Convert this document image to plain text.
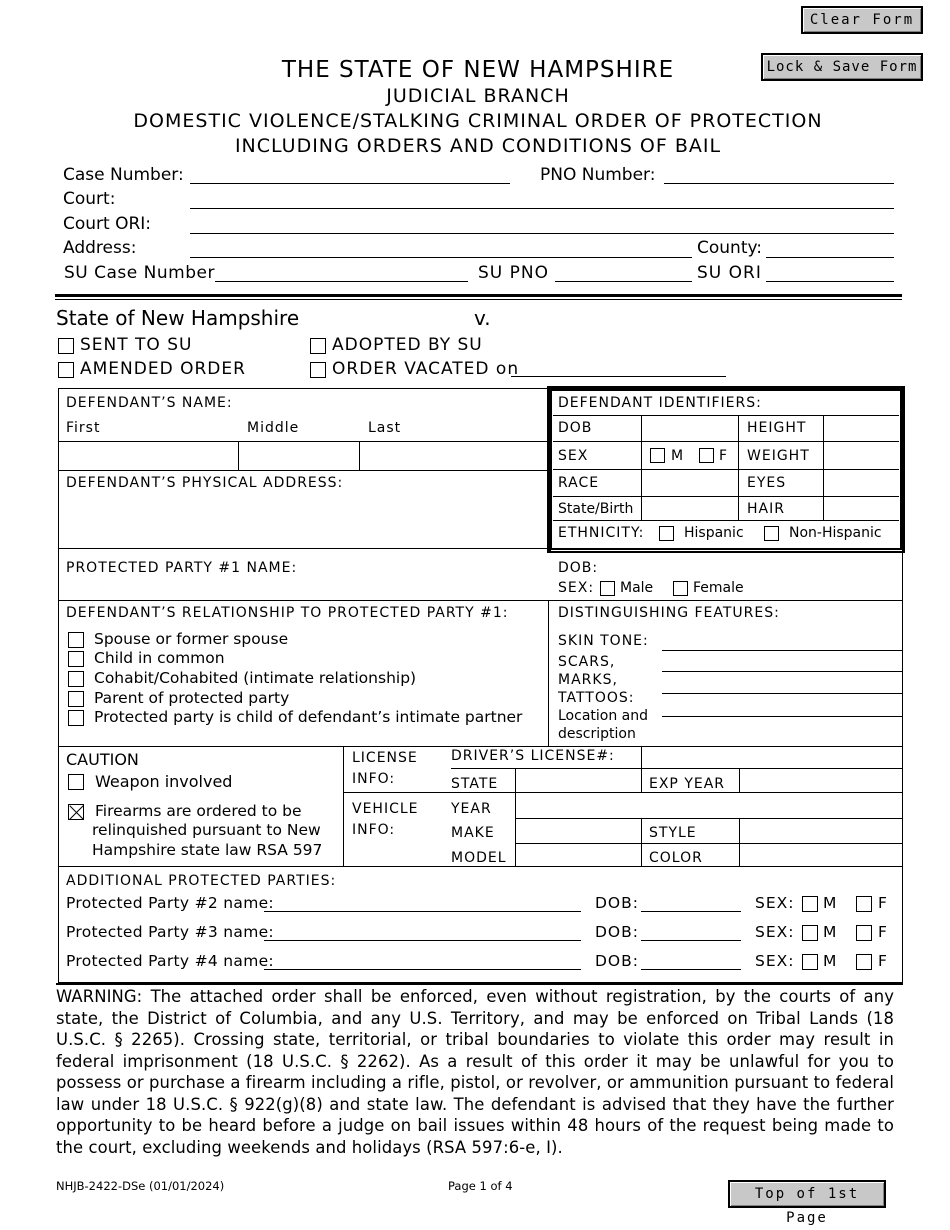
Clear Form
Lock & Save Form
Top of 1st Page
THE STATE OF NEW HAMPSHIRE
JUDICIAL BRANCH
DOMESTIC VIOLENCE/STALKING CRIMINAL ORDER OF PROTECTION
INCLUDING ORDERS AND CONDITIONS OF BAIL
Case Number:	PNO Number:
Court:
Court ORI:
Address:	County:
SU Case Number	SU PNO	SU ORI
State of New Hampshire	v.
SENT TO SU	ADOPTED BY SU
AMENDED ORDER	ORDER VACATED on
DEFENDANT’S NAME:
First	Middle	Last
DEFENDANT’S PHYSICAL ADDRESS:
DEFENDANT IDENTIFIERS:
DOB	HEIGHT
SEX	M F WEIGHT
RACE	EYES
State/Birth	HAIR
ETHNICITY:	Hispanic	Non-Hispanic
PROTECTED PARTY #1 NAME:	DOB:
SEX: Male	Female
DEFENDANT’S RELATIONSHIP TO PROTECTED PARTY #1:
Spouse or former spouse
Child in common
Cohabit/Cohabited (intimate relationship)
Parent of protected party
Protected party is child of defendant’s intimate partner
DISTINGUISHING FEATURES:
SKIN TONE:
SCARS,
MARKS,
TATTOOS:
Location and
description
CAUTION
Weapon involved
Firearms are ordered to be
relinquished pursuant to New
Hampshire state law RSA 597
LICENSE
INFO:
DRIVER’S LICENSE#:
STATE	EXP YEAR
VEHICLE
INFO:
YEAR
MAKE	STYLE
MODEL	COLOR
ADDITIONAL PROTECTED PARTIES:
Protected Party #2 name:	DOB:	SEX: M	F
Protected Party #3 name:	DOB:	SEX: M	F
Protected Party #4 name:	DOB:	SEX: M	F
WARNING: The attached order shall be enforced, even without registration, by the courts of any state, the District of Columbia, and any U.S. Territory, and may be enforced on Tribal Lands (18 U.S.C. § 2265). Crossing state, territorial, or tribal boundaries to violate this order may result in federal imprisonment (18 U.S.C. § 2262). As a result of this order it may be unlawful for you to possess or purchase a firearm including a rifle, pistol, or revolver, or ammunition pursuant to federal law under 18 U.S.C. § 922(g)(8) and state law. The defendant is advised that they have the further opportunity to be heard before a judge on bail issues within 48 hours of the request being made to the court, excluding weekends and holidays (RSA 597:6-e, I).
NHJB-2422-DSe (01/01/2024)	Page 1 of 4
